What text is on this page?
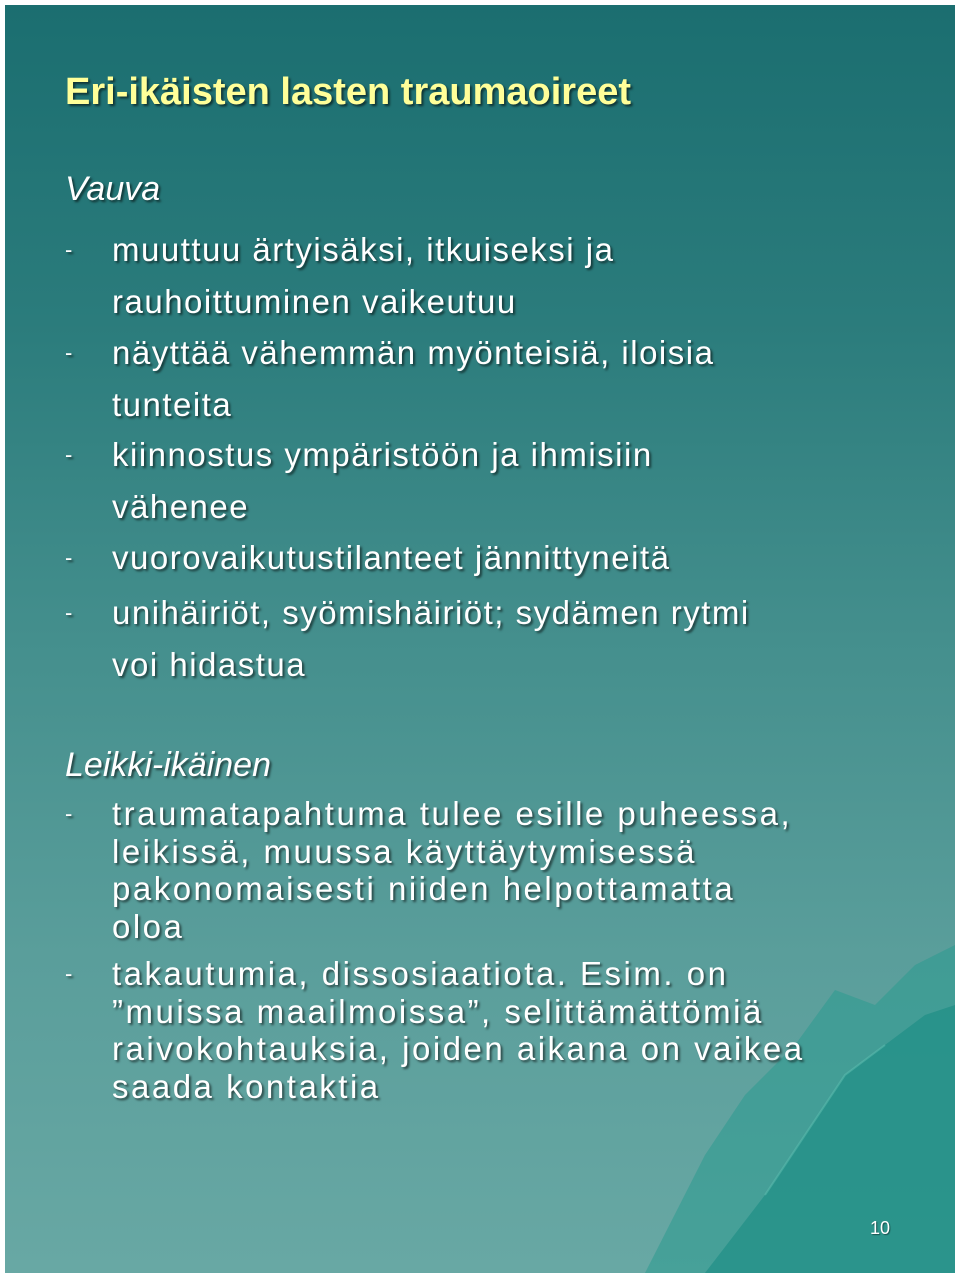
Eri-ikäisten lasten traumaoireet
Vauva
- muuttuu ärtyisäksi, itkuiseksi ja
rauhoittuminen vaikeutuu
- näyttää vähemmän myönteisiä, iloisia
tunteita
- kiinnostus ympäristöön ja ihmisiin
vähenee
- vuorovaikutustilanteet jännittyneitä
- unihäiriöt, syömishäiriöt; sydämen rytmi
voi hidastua
Leikki-ikäinen
- traumatapahtuma tulee esille puheessa,
leikissä, muussa käyttäytymisessä
pakonomaisesti niiden helpottamatta
oloa
- takautumia, dissosiaatiota. Esim. on
”muissa maailmoissa”, selittämättömiä
raivokohtauksia, joiden aikana on vaikea
saada kontaktia
10
